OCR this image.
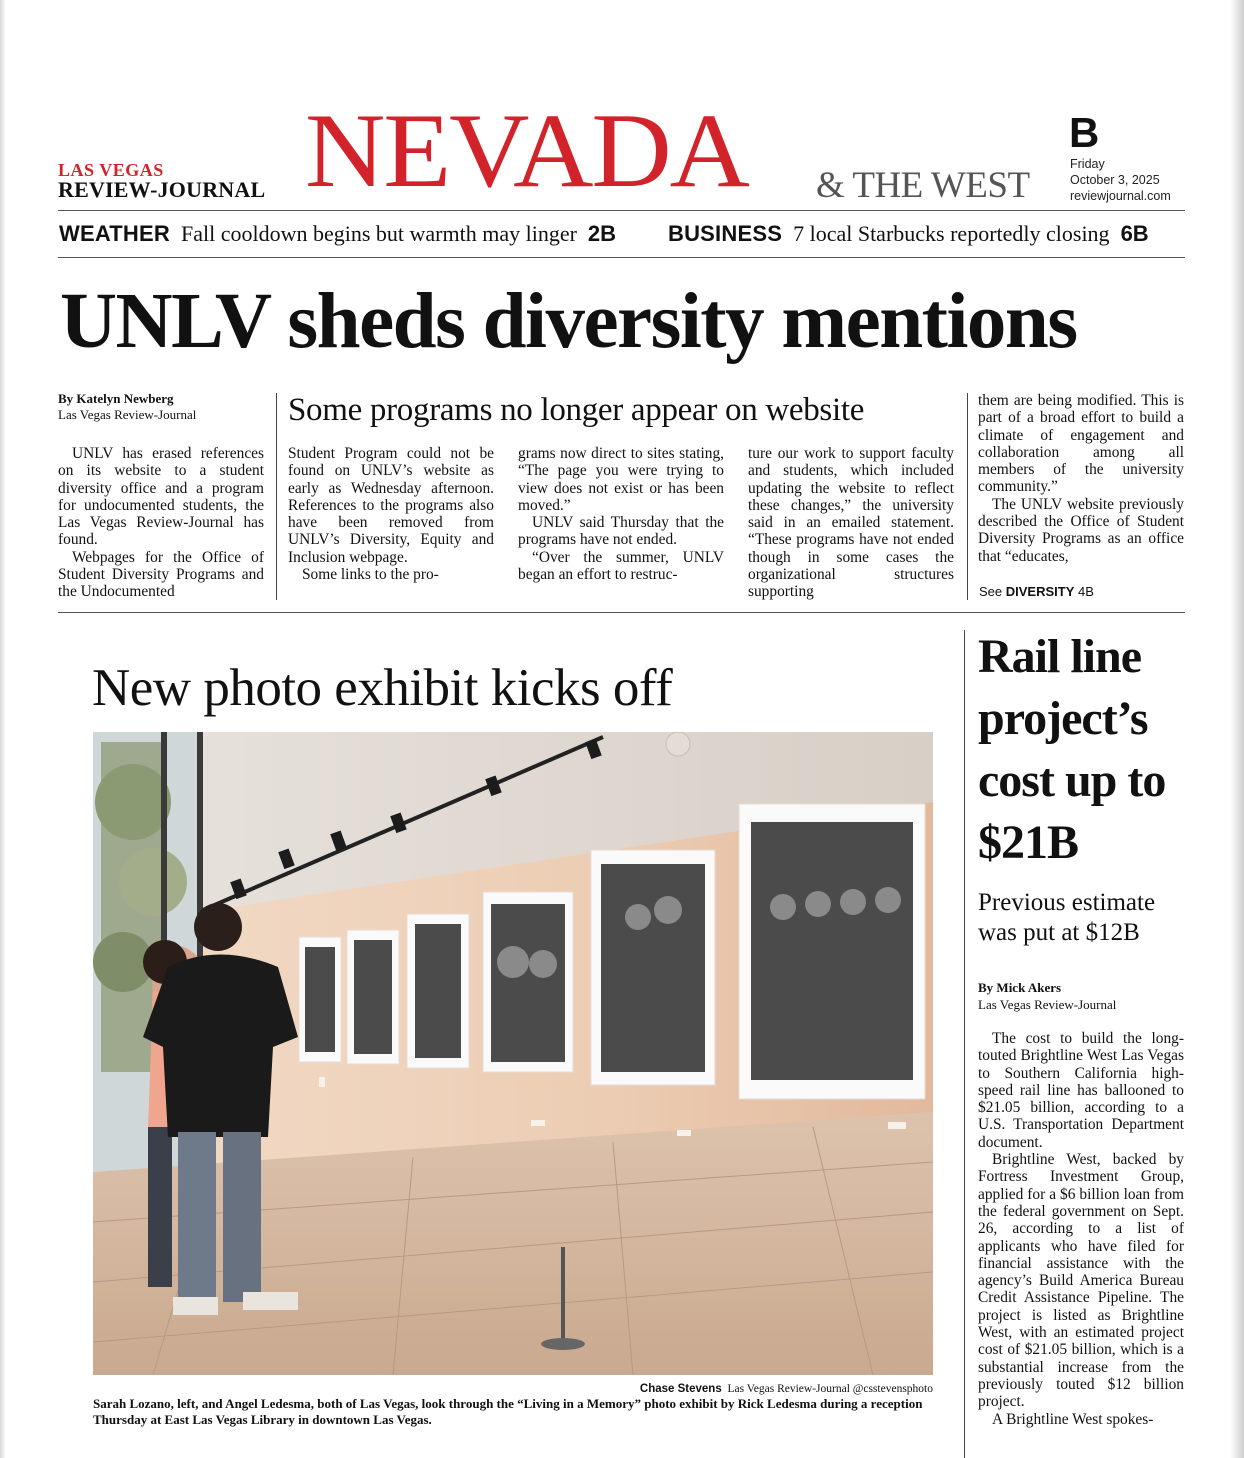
LAS VEGAS
REVIEW-JOURNAL NEVADA & THE WEST
B
Friday
October 3, 2025
reviewjournal.com
WEATHER Fall cooldown begins but warmth may linger 2B BUSINESS 7 local Starbucks reportedly closing 6B
UNLV sheds diversity mentions
By Katelyn Newberg
Las Vegas Review-Journal	Some programs no longer appear on website

UNLV has erased references on its website to a student diversity office and a program for undocumented students, the Las Vegas Review-Journal has found.

Webpages for the Office of Student Diversity Programs and the Undocumented

Student Program could not be found on UNLV’s website as early as Wednesday afternoon. References to the programs also have been removed from UNLV’s Diversity, Equity and Inclusion webpage.

Some links to the pro-

grams now direct to sites stating, “The page you were trying to view does not exist or has been moved.”

UNLV said Thursday that the programs have not ended.

“Over the summer, UNLV began an effort to restruc-

ture our work to support faculty and students, which included updating the website to reflect these changes,” the university said in an emailed statement. “These programs have not ended though in some cases the organizational structures supporting

them are being modified. This is part of a broad effort to build a climate of engagement and collaboration among all members of the university community.”

The UNLV website previously described the Office of Student Diversity Programs as an office that “educates,

See DIVERSITY 4B
New photo exhibit kicks off
Chase Stevens Las Vegas Review-Journal @csstevensphoto
Sarah Lozano, left, and Angel Ledesma, both of Las Vegas, look through the “Living in a Memory” photo exhibit by Rick Ledesma during a reception Thursday at East Las Vegas Library in downtown Las Vegas.
Rail line project’s cost up to $21B
Previous estimate was put at $12B
By Mick Akers
Las Vegas Review-Journal

The cost to build the long-touted Brightline West Las Vegas to Southern California high-speed rail line has ballooned to $21.05 billion, according to a U.S. Transportation Department document.

Brightline West, backed by Fortress Investment Group, applied for a $6 billion loan from the federal government on Sept. 26, according to a list of applicants who have filed for financial assistance with the agency’s Build America Bureau Credit Assistance Pipeline. The project is listed as Brightline West, with an estimated project cost of $21.05 billion, which is a substantial increase from the previously touted $12 billion project.

A Brightline West spokes-
